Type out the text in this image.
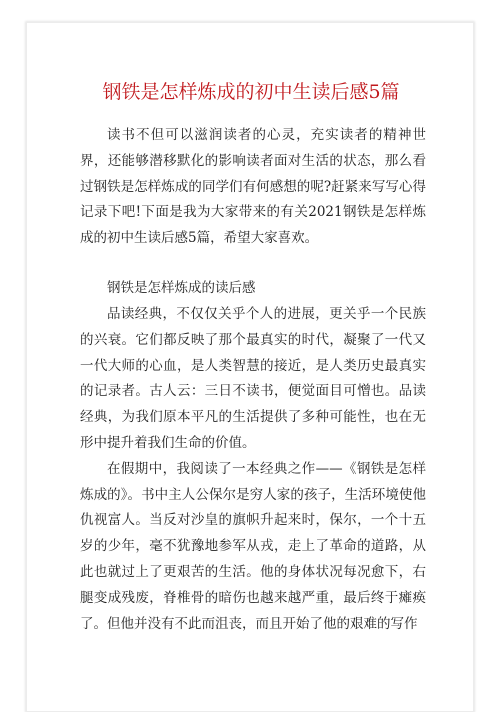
钢铁是怎样炼成的初中生读后感5篇

读书不但可以滋润读者的心灵，充实读者的精神世界，还能够潜移默化的影响读者面对生活的状态，那么看过钢铁是怎样炼成的同学们有何感想的呢?赶紧来写写心得记录下吧!下面是我为大家带来的有关2021钢铁是怎样炼成的初中生读后感5篇，希望大家喜欢。

钢铁是怎样炼成的读后感

品读经典，不仅仅关乎个人的进展，更关乎一个民族的兴衰。它们都反映了那个最真实的时代，凝聚了一代又一代大师的心血，是人类智慧的接近，是人类历史最真实的记录者。古人云：三日不读书，便觉面目可憎也。品读经典，为我们原本平凡的生活提供了多种可能性，也在无形中提升着我们生命的价值。

在假期中，我阅读了一本经典之作——《钢铁是怎样炼成的》。书中主人公保尔是穷人家的孩子，生活环境使他仇视富人。当反对沙皇的旗帜升起来时，保尔，一个十五岁的少年，毫不犹豫地参军从戎，走上了革命的道路，从此也就过上了更艰苦的生活。他的身体状况每况愈下，右腿变成残废，脊椎骨的暗伤也越来越严重，最后终于瘫痪了。但他并没有不此而沮丧，而且开始了他的艰难的写作
